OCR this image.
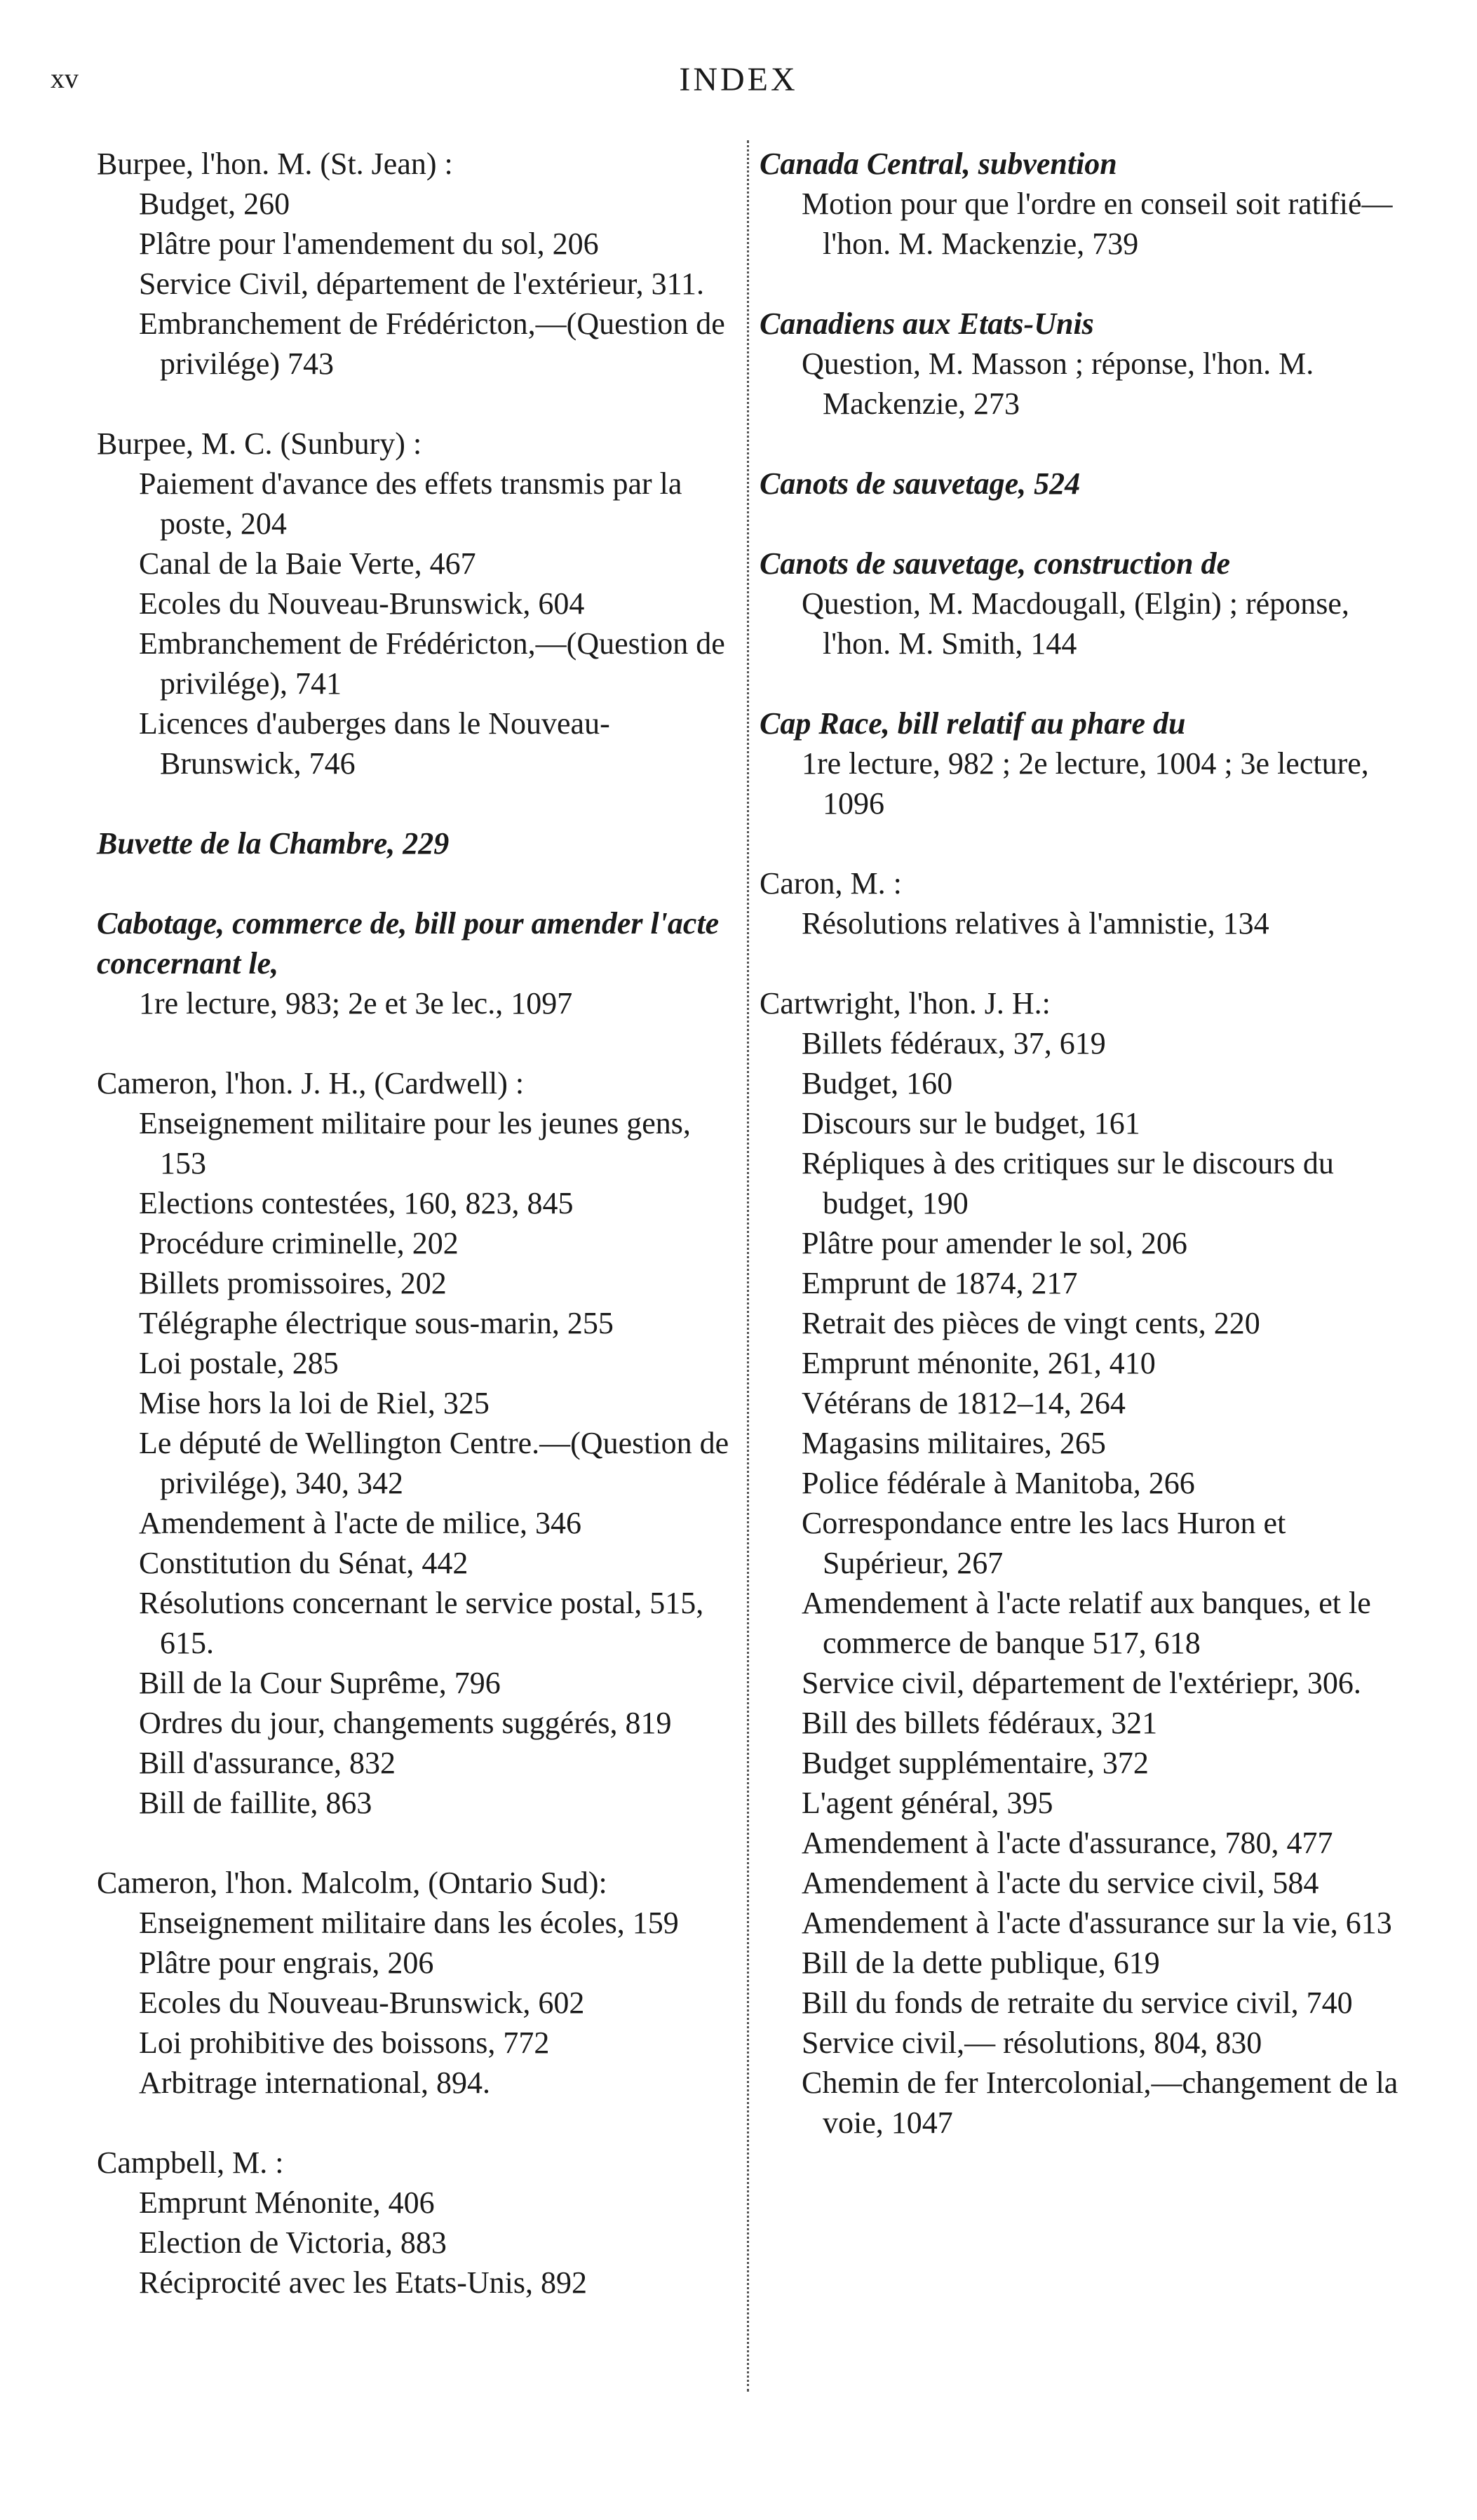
xv	INDEX
Burpee, l'hon. M. (St. Jean) :
Budget, 260
Plâtre pour l'amendement du sol, 206
Service Civil, département de l'extérieur, 311.
Embranchement de Frédéricton,—(Question de privilége) 743
Burpee, M. C. (Sunbury) :
Paiement d'avance des effets transmis par la poste, 204
Canal de la Baie Verte, 467
Ecoles du Nouveau-Brunswick, 604
Embranchement de Frédéricton,—(Question de privilége), 741
Licences d'auberges dans le Nouveau-Brunswick, 746
Buvette de la Chambre, 229
Cabotage, commerce de, bill pour amender l'acte concernant le,
1re lecture, 983; 2e et 3e lec., 1097
Cameron, l'hon. J. H., (Cardwell) :
Enseignement militaire pour les jeunes gens, 153
Elections contestées, 160, 823, 845
Procédure criminelle, 202
Billets promissoires, 202
Télégraphe électrique sous-marin, 255
Loi postale, 285
Mise hors la loi de Riel, 325
Le député de Wellington Centre.—(Question de privilége), 340, 342
Amendement à l'acte de milice, 346
Constitution du Sénat, 442
Résolutions concernant le service postal, 515, 615.
Bill de la Cour Suprême, 796
Ordres du jour, changements suggérés, 819
Bill d'assurance, 832
Bill de faillite, 863
Cameron, l'hon. Malcolm, (Ontario Sud):
Enseignement militaire dans les écoles, 159
Plâtre pour engrais, 206
Ecoles du Nouveau-Brunswick, 602
Loi prohibitive des boissons, 772
Arbitrage international, 894.
Campbell, M. :
Emprunt Ménonite, 406
Election de Victoria, 883
Réciprocité avec les Etats-Unis, 892
Canada Central, subvention
Motion pour que l'ordre en conseil soit ratifié—l'hon. M. Mackenzie, 739
Canadiens aux Etats-Unis
Question, M. Masson ; réponse, l'hon. M. Mackenzie, 273
Canots de sauvetage, 524
Canots de sauvetage, construction de
Question, M. Macdougall, (Elgin) ; réponse, l'hon. M. Smith, 144
Cap Race, bill relatif au phare du
1re lecture, 982 ; 2e lecture, 1004 ; 3e lecture, 1096
Caron, M. :
Résolutions relatives à l'amnistie, 134
Cartwright, l'hon. J. H.:
Billets fédéraux, 37, 619
Budget, 160
Discours sur le budget, 161
Répliques à des critiques sur le discours du budget, 190
Plâtre pour amender le sol, 206
Emprunt de 1874, 217
Retrait des pièces de vingt cents, 220
Emprunt ménonite, 261, 410
Vétérans de 1812–14, 264
Magasins militaires, 265
Police fédérale à Manitoba, 266
Correspondance entre les lacs Huron et Supérieur, 267
Amendement à l'acte relatif aux banques, et le commerce de banque 517, 618
Service civil, département de l'extériepr, 306.
Bill des billets fédéraux, 321
Budget supplémentaire, 372
L'agent général, 395
Amendement à l'acte d'assurance, 780, 477
Amendement à l'acte du service civil, 584
Amendement à l'acte d'assurance sur la vie, 613
Bill de la dette publique, 619
Bill du fonds de retraite du service civil, 740
Service civil,— résolutions, 804, 830
Chemin de fer Intercolonial,—changement de la voie, 1047
